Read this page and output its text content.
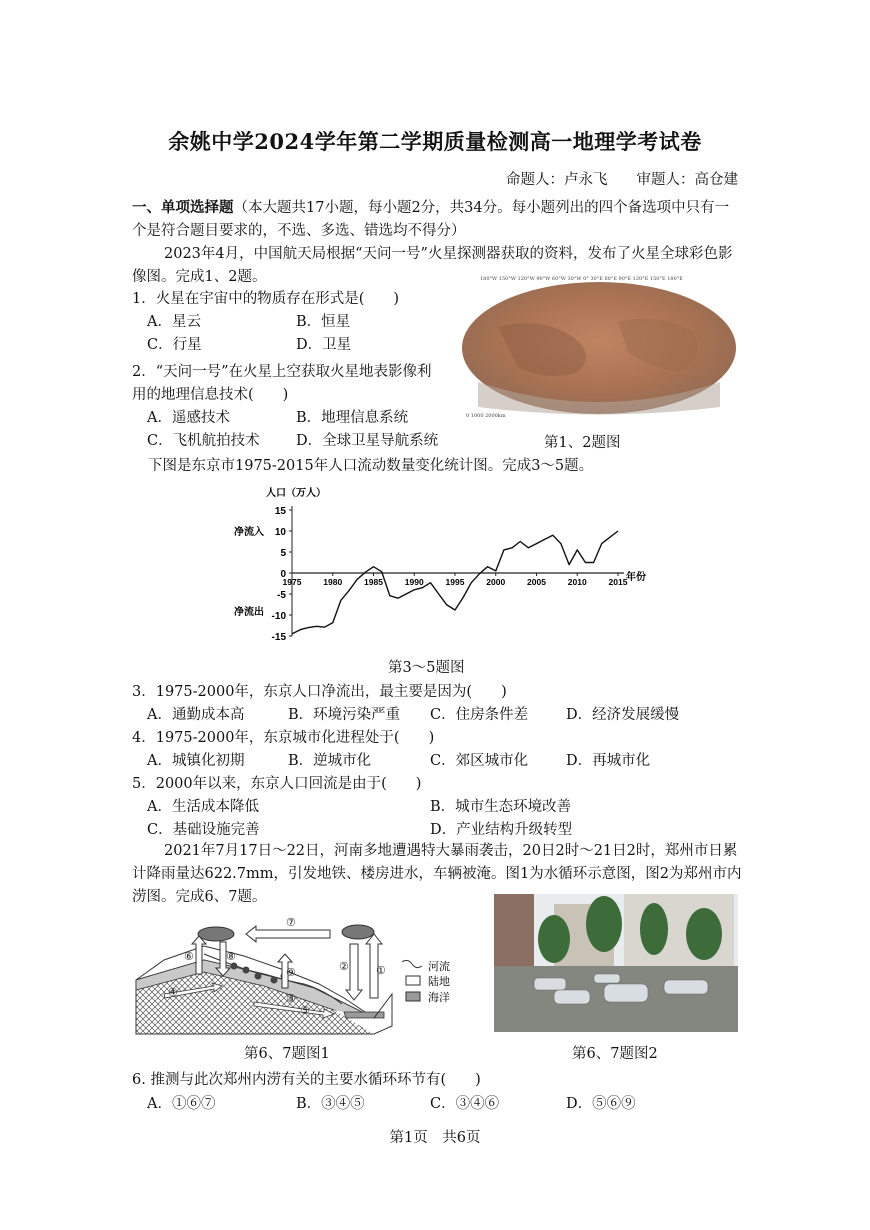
余姚中学2024学年第二学期质量检测高一地理学考试卷
命题人：卢永飞　　审题人：高仓建
一、单项选择题（本大题共17小题，每小题2分，共34分。每小题列出的四个备选项中只有一个是符合题目要求的，不选、多选、错选均不得分）
2023年4月，中国航天局根据“天问一号”火星探测器获取的资料，发布了火星全球彩色影像图。完成1、2题。
1．火星在宇宙中的物质存在形式是(　　)
A．星云	B．恒星
C．行星	D．卫星
2．“天问一号”在火星上空获取火星地表影像利
用的地理信息技术(　　)
A．遥感技术	B．地理信息系统
C．飞机航拍技术	D．全球卫星导航系统
180°W 150°W 120°W 90°W 60°W 30°W 0° 30°E 60°E 90°E 120°E 150°E 180°E
0 1000 2000km
第1、2题图
下图是东京市1975-2015年人口流动数量变化统计图。完成3～5题。
15
10
5
0
-5
-10
-15
1975	1980	1985	1990	1995	2000	2005	2010	2015
人口（万人）
净流入
净流出
年份
第3～5题图
3．1975-2000年，东京人口净流出，最主要是因为(　　)
A．通勤成本高	B．环境污染严重 C．住房条件差	D．经济发展缓慢
4．1975-2000年，东京城市化进程处于(　　)
A．城镇化初期	B．逆城市化	C．郊区城市化	D．再城市化
5．2000年以来，东京人口回流是由于(　　)
A．生活成本降低	B．城市生态环境改善
C．基础设施完善	D．产业结构升级转型
2021年7月17日～22日，河南多地遭遇特大暴雨袭击，20日2时～21日2时，郑州市日累计降雨量达622.7mm，引发地铁、楼房进水，车辆被淹。图1为水循环示意图，图2为郑州市内涝图。完成6、7题。
①
②
③
④
⑤
⑥
⑦
⑧
⑨	河流
陆地
海洋
第6、7题图1	第6、7题图2
6. 推测与此次郑州内涝有关的主要水循环环节有(　　)
A．①⑥⑦	B．③④⑤	C．③④⑥	D．⑤⑥⑨
第1页　共6页
